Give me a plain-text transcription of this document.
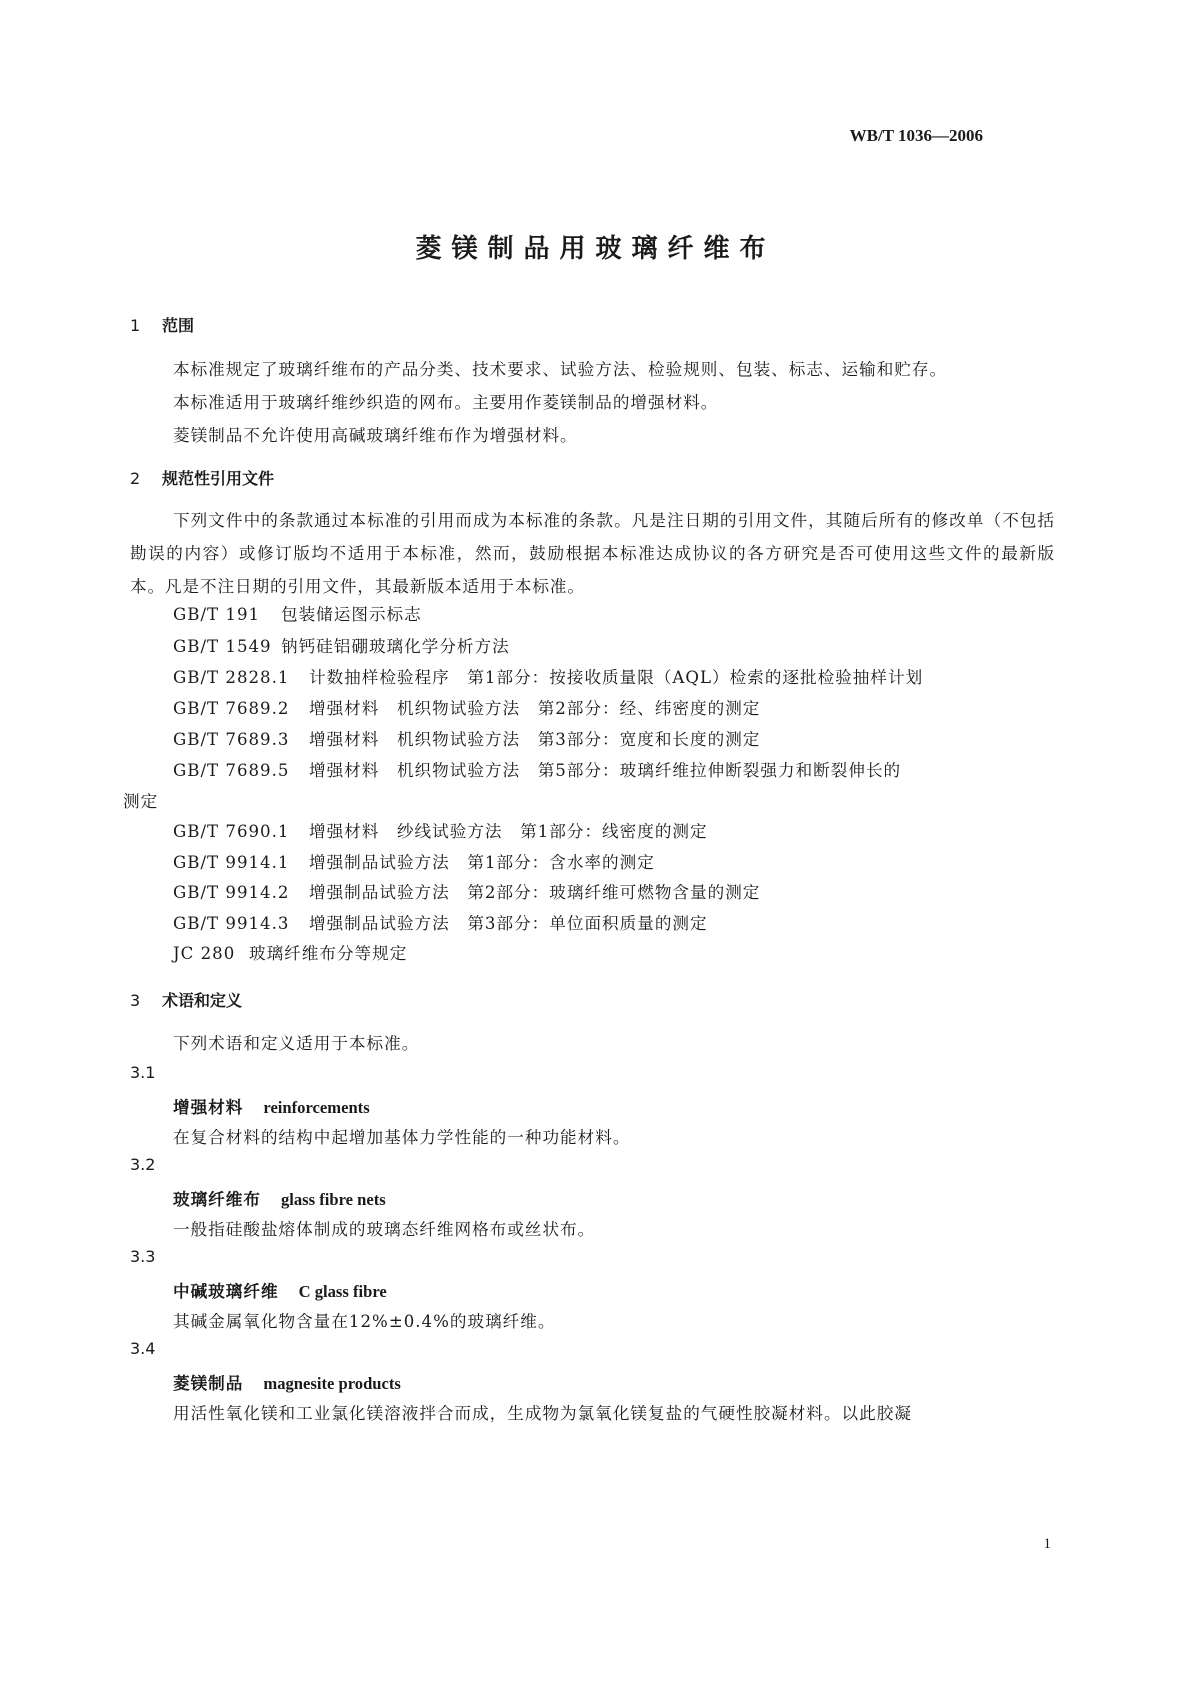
WB/T 1036—2006
菱镁制品用玻璃纤维布
1 范围
本标准规定了玻璃纤维布的产品分类、技术要求、试验方法、检验规则、包装、标志、运输和贮存。
本标准适用于玻璃纤维纱织造的网布。主要用作菱镁制品的增强材料。
菱镁制品不允许使用高碱玻璃纤维布作为增强材料。
2 规范性引用文件
下列文件中的条款通过本标准的引用而成为本标准的条款。凡是注日期的引用文件，其随后所有的修改单（不包括勘误的内容）或修订版均不适用于本标准，然而，鼓励根据本标准达成协议的各方研究是否可使用这些文件的最新版本。凡是不注日期的引用文件，其最新版本适用于本标准。
GB/T 191 包装储运图示标志
GB/T 1549 钠钙硅铝硼玻璃化学分析方法
GB/T 2828.1 计数抽样检验程序　第1部分：按接收质量限（AQL）检索的逐批检验抽样计划
GB/T 7689.2 增强材料　机织物试验方法　第2部分：经、纬密度的测定
GB/T 7689.3 增强材料　机织物试验方法　第3部分：宽度和长度的测定
GB/T 7689.5 增强材料　机织物试验方法　第5部分：玻璃纤维拉伸断裂强力和断裂伸长的
测定
GB/T 7690.1 增强材料　纱线试验方法　第1部分：线密度的测定
GB/T 9914.1 增强制品试验方法　第1部分：含水率的测定
GB/T 9914.2 增强制品试验方法　第2部分：玻璃纤维可燃物含量的测定
GB/T 9914.3 增强制品试验方法　第3部分：单位面积质量的测定
JC 280 玻璃纤维布分等规定
3 术语和定义
下列术语和定义适用于本标准。
3.1
增强材料 reinforcements
在复合材料的结构中起增加基体力学性能的一种功能材料。
3.2
玻璃纤维布 glass fibre nets
一般指硅酸盐熔体制成的玻璃态纤维网格布或丝状布。
3.3
中碱玻璃纤维 C glass fibre
其碱金属氧化物含量在12%±0.4%的玻璃纤维。
3.4
菱镁制品 magnesite products
用活性氧化镁和工业氯化镁溶液拌合而成，生成物为氯氧化镁复盐的气硬性胶凝材料。以此胶凝
1
